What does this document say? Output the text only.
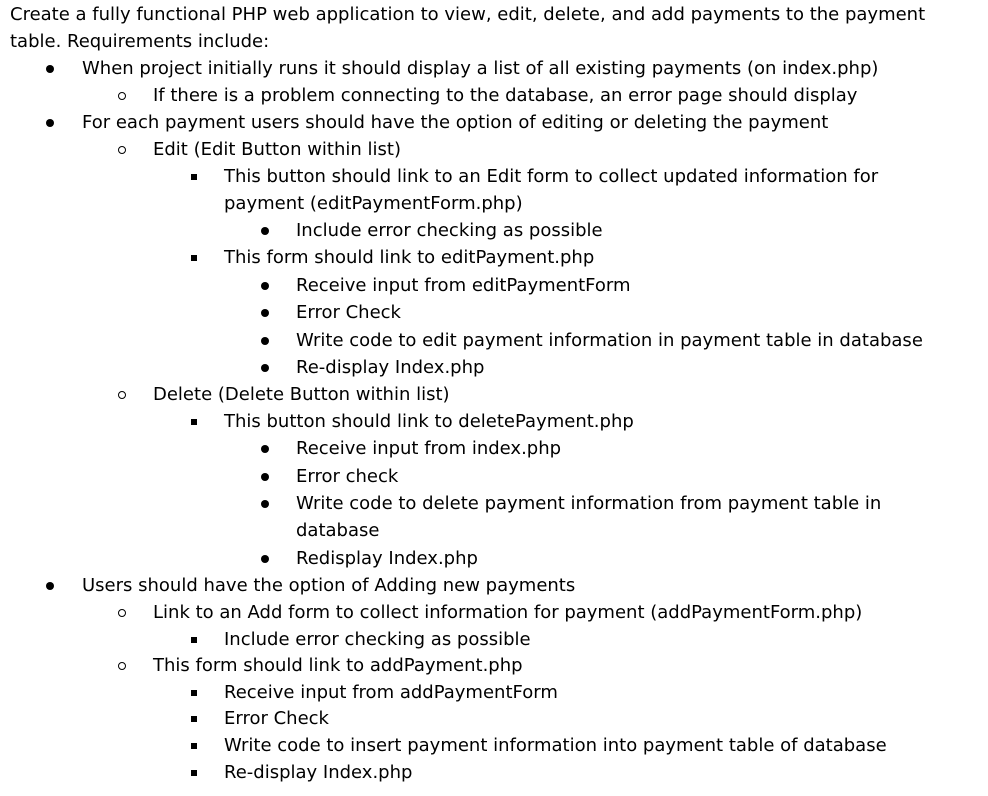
Create a fully functional PHP web application to view, edit, delete, and add payments to the payment table. Requirements include:
When project initially runs it should display a list of all existing payments (on index.php)
If there is a problem connecting to the database, an error page should display
For each payment users should have the option of editing or deleting the payment
Edit (Edit Button within list)
This button should link to an Edit form to collect updated information for payment (editPaymentForm.php)
Include error checking as possible
This form should link to editPayment.php
Receive input from editPaymentForm
Error Check
Write code to edit payment information in payment table in database
Re-display Index.php
Delete (Delete Button within list)
This button should link to deletePayment.php
Receive input from index.php
Error check
Write code to delete payment information from payment table in database
Redisplay Index.php
Users should have the option of Adding new payments
Link to an Add form to collect information for payment (addPaymentForm.php)
Include error checking as possible
This form should link to addPayment.php
Receive input from addPaymentForm
Error Check
Write code to insert payment information into payment table of database
Re-display Index.php
